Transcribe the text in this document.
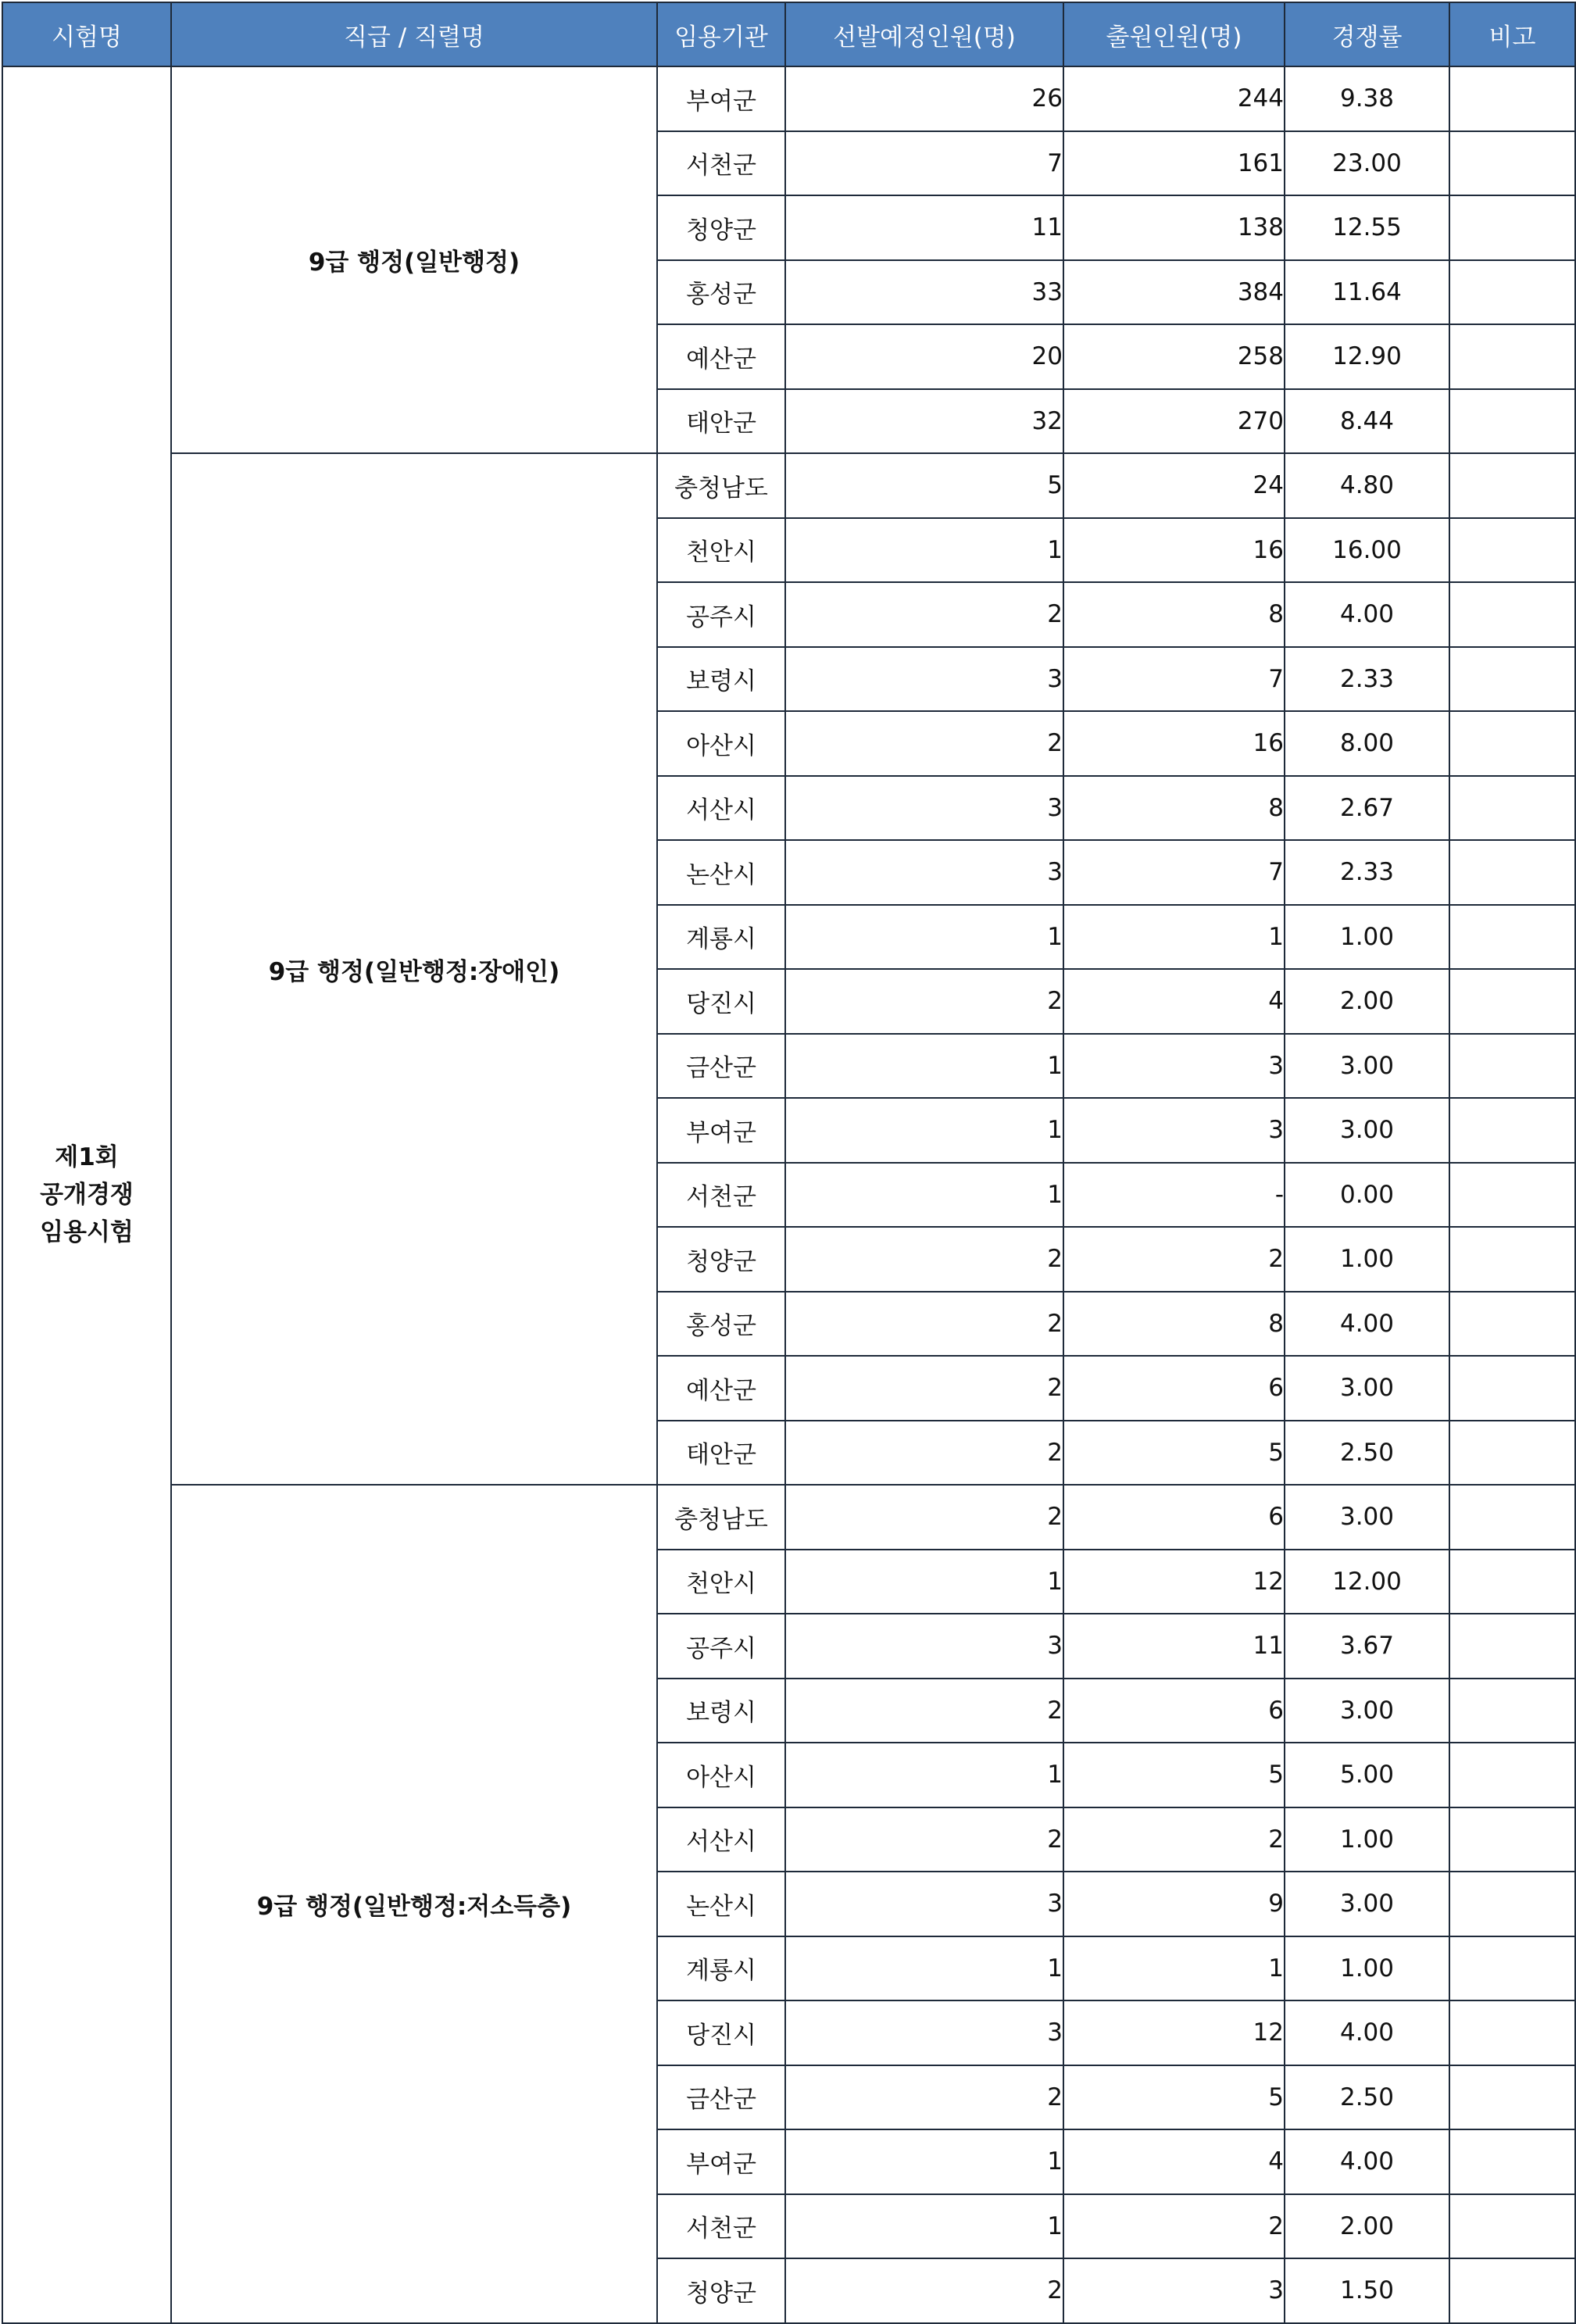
시험명	직급 / 직렬명	임용기관	선발예정인원(명)	출원인원(명)	경쟁률	비고

제1회
공개경쟁
임용시험	9급 행정(일반행정)	부여군	26	244	9.38	
		서천군	7	161	23.00	
		청양군	11	138	12.55	
		홍성군	33	384	11.64	
		예산군	20	258	12.90	
		태안군	32	270	8.44	
	9급 행정(일반행정:장애인)	충청남도	5	24	4.80	
		천안시	1	16	16.00	
		공주시	2	8	4.00	
		보령시	3	7	2.33	
		아산시	2	16	8.00	
		서산시	3	8	2.67	
		논산시	3	7	2.33	
		계룡시	1	1	1.00	
		당진시	2	4	2.00	
		금산군	1	3	3.00	
		부여군	1	3	3.00	
		서천군	1	-	0.00	
		청양군	2	2	1.00	
		홍성군	2	8	4.00	
		예산군	2	6	3.00	
		태안군	2	5	2.50	
	9급 행정(일반행정:저소득층)	충청남도	2	6	3.00	
		천안시	1	12	12.00	
		공주시	3	11	3.67	
		보령시	2	6	3.00	
		아산시	1	5	5.00	
		서산시	2	2	1.00	
		논산시	3	9	3.00	
		계룡시	1	1	1.00	
		당진시	3	12	4.00	
		금산군	2	5	2.50	
		부여군	1	4	4.00	
		서천군	1	2	2.00	
		청양군	2	3	1.50	
